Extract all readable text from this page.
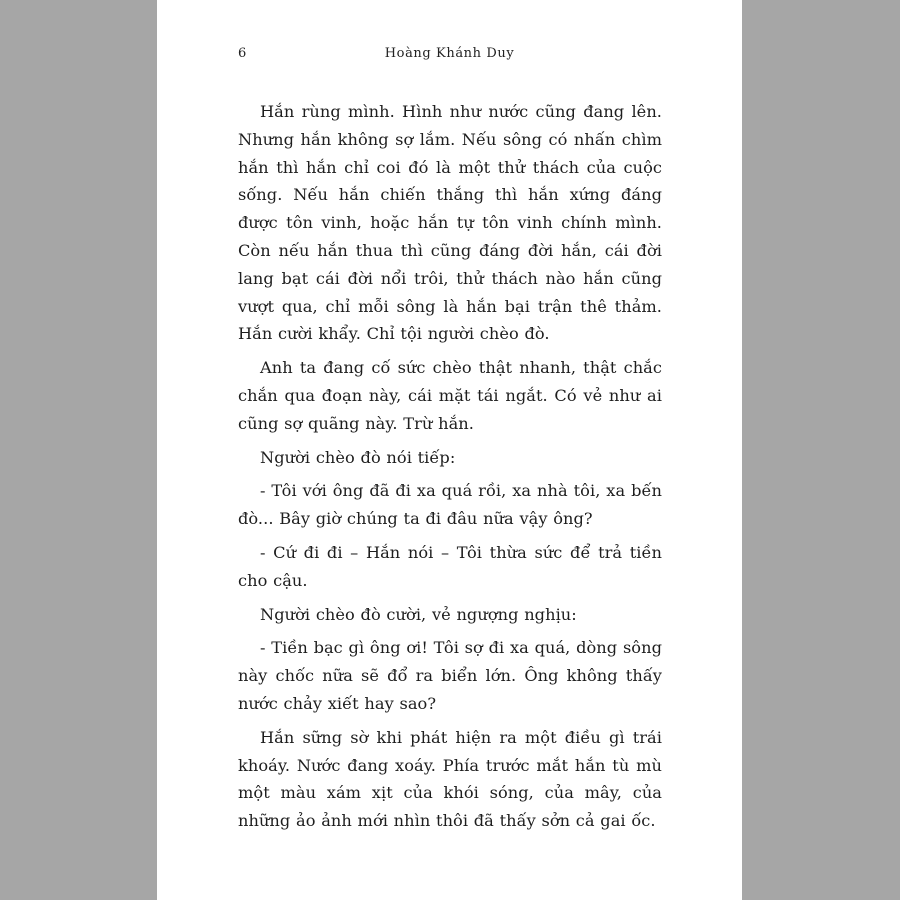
6	Hoàng Khánh Duy

Hắn rùng mình. Hình như nước cũng đang lên. Nhưng hắn không sợ lắm. Nếu sông có nhấn chìm hắn thì hắn chỉ coi đó là một thử thách của cuộc sống. Nếu hắn chiến thắng thì hắn xứng đáng được tôn vinh, hoặc hắn tự tôn vinh chính mình. Còn nếu hắn thua thì cũng đáng đời hắn, cái đời lang bạt cái đời nổi trôi, thử thách nào hắn cũng vượt qua, chỉ mỗi sông là hắn bại trận thê thảm. Hắn cười khẩy. Chỉ tội người chèo đò.

Anh ta đang cố sức chèo thật nhanh, thật chắc chắn qua đoạn này, cái mặt tái ngắt. Có vẻ như ai cũng sợ quãng này. Trừ hắn.

Người chèo đò nói tiếp:

- Tôi với ông đã đi xa quá rồi, xa nhà tôi, xa bến đò... Bây giờ chúng ta đi đâu nữa vậy ông?

- Cứ đi đi – Hắn nói – Tôi thừa sức để trả tiền cho cậu.

Người chèo đò cười, vẻ ngượng nghịu:

- Tiền bạc gì ông ơi! Tôi sợ đi xa quá, dòng sông này chốc nữa sẽ đổ ra biển lớn. Ông không thấy nước chảy xiết hay sao?

Hắn sững sờ khi phát hiện ra một điều gì trái khoáy. Nước đang xoáy. Phía trước mắt hắn tù mù một màu xám xịt của khói sóng, của mây, của những ảo ảnh mới nhìn thôi đã thấy sởn cả gai ốc.
